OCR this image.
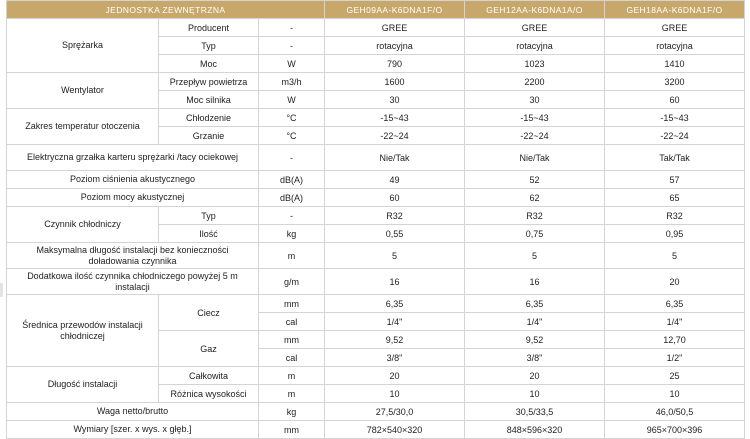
JEDNOSTKA ZEWNĘTRZNA			GEH09AA-K6DNA1F/O	GEH12AA-K6DNA1A/O	GEH18AA-K6DNA1F/O
Sprężarka	Producent	-	GREE	GREE	GREE
	Typ	-	rotacyjna	rotacyjna	rotacyjna
	Moc	W	790	1023	1410
Wentylator	Przepływ powietrza	m3/h	1600	2200	3200
	Moc silnika	W	30	30	60
Zakres temperatur otoczenia	Chłodzenie	°C	-15~43	-15~43	-15~43
	Grzanie	°C	-22~24	-22~24	-22~24
Elektryczna grzałka karteru sprężarki /tacy ociekowej		-	Nie/Tak	Nie/Tak	Tak/Tak
Poziom ciśnienia akustycznego		dB(A)	49	52	57
Poziom mocy akustycznej		dB(A)	60	62	65
Czynnik chłodniczy	Typ	-	R32	R32	R32
	Ilość	kg	0,55	0,75	0,95
Maksymalna długość instalacji bez konieczności doładowania czynnika		m	5	5	5
Dodatkowa ilość czynnika chłodniczego powyżej 5 m instalacji		g/m	16	16	20
Średnica przewodów instalacji chłodniczej	Ciecz	mm	6,35	6,35	6,35
		cal	1/4"	1/4"	1/4"
	Gaz	mm	9,52	9,52	12,70
		cal	3/8"	3/8"	1/2"
Długość instalacji	Całkowita	m	20	20	25
	Różnica wysokości	m	10	10	10
Waga netto/brutto		kg	27,5/30,0	30,5/33,5	46,0/50,5
Wymiary [szer. x wys. x głęb.]		mm	782×540×320	848×596×320	965×700×396
